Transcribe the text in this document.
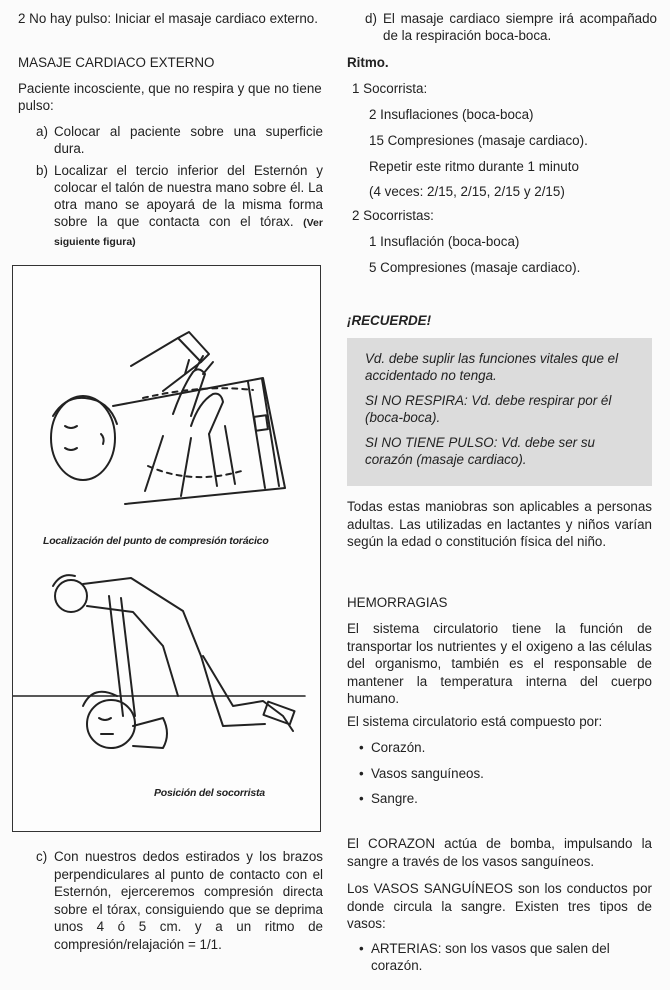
2 No hay pulso: Iniciar el masaje cardiaco externo.

MASAJE CARDIACO EXTERNO

Paciente incosciente, que no respira y que no tiene pulso:

a) Colocar al paciente sobre una superficie dura.
b) Localizar el tercio inferior del Esternón y colocar el talón de nuestra mano sobre él. La otra mano se apoyará de la misma forma sobre la que contacta con el tórax. (Ver siguiente figura)
c) Con nuestros dedos estirados y los brazos perpendiculares al punto de contacto con el Esternón, ejerceremos compresión directa sobre el tórax, consiguiendo que se deprima unos 4 ó 5 cm. y a un ritmo de compresión/relajación = 1/1.
Localización del punto de compresión torácico
Posición del socorrista
d) El masaje cardiaco siempre irá acompañado de la respiración boca-boca.

Ritmo.

1 Socorrista:

2 Insuflaciones (boca-boca)

15 Compresiones (masaje cardiaco).

Repetir este ritmo durante 1 minuto

(4 veces: 2/15, 2/15, 2/15 y 2/15)

2 Socorristas:

1 Insuflación (boca-boca)

5 Compresiones (masaje cardiaco).

¡RECUERDE!

Vd. debe suplir las funciones vitales que el accidentado no tenga.

SI NO RESPIRA: Vd. debe respirar por él (boca-boca).

SI NO TIENE PULSO: Vd. debe ser su corazón (masaje cardiaco).

Todas estas maniobras son aplicables a personas adultas. Las utilizadas en lactantes y niños varían según la edad o constitución física del niño.

HEMORRAGIAS

El sistema circulatorio tiene la función de transportar los nutrientes y el oxigeno a las células del organismo, también es el responsable de mantener la temperatura interna del cuerpo humano.

El sistema circulatorio está compuesto por:

• Corazón.
• Vasos sanguíneos.
• Sangre.

El CORAZON actúa de bomba, impulsando la sangre a través de los vasos sanguíneos.

Los VASOS SANGUÍNEOS son los conductos por donde circula la sangre. Existen tres tipos de vasos:

• ARTERIAS: son los vasos que salen del corazón.
